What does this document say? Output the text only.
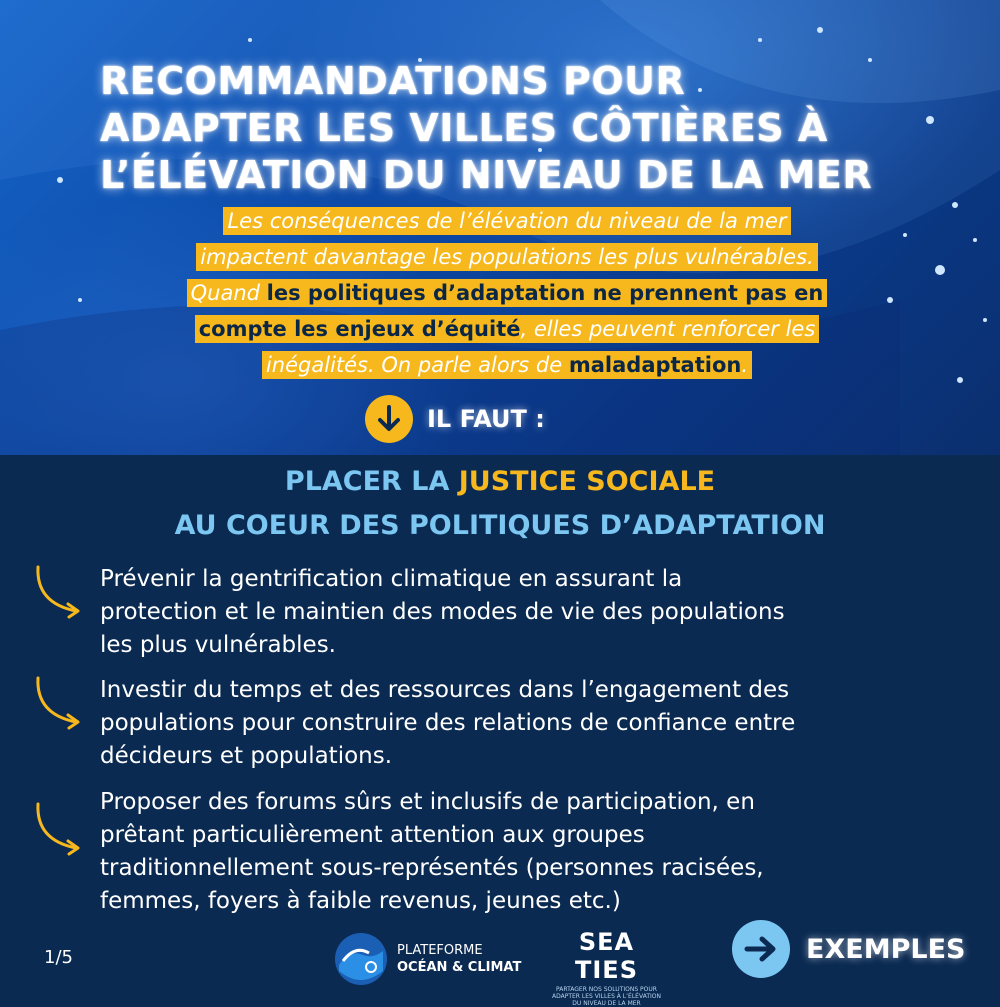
RECOMMANDATIONS POUR
ADAPTER LES VILLES CÔTIÈRES À
L’ÉLÉVATION DU NIVEAU DE LA MER
Les conséquences de l’élévation du niveau de la mer
impactent davantage les populations les plus vulnérables.
Quand les politiques d’adaptation ne prennent pas en
compte les enjeux d’équité, elles peuvent renforcer les
inégalités. On parle alors de maladaptation.
IL FAUT :
PLACER LA JUSTICE SOCIALE
AU COEUR DES POLITIQUES D’ADAPTATION
Prévenir la gentrification climatique en assurant la
protection et le maintien des modes de vie des populations
les plus vulnérables.
Investir du temps et des ressources dans l’engagement des
populations pour construire des relations de confiance entre
décideurs et populations.
Proposer des forums sûrs et inclusifs de participation, en
prêtant particulièrement attention aux groupes
traditionnellement sous-représentés (personnes racisées,
femmes, foyers à faible revenus, jeunes etc.)
1/5	PLATEFORME
OCÉAN & CLIMAT
SEA TIES
PARTAGER NOS SOLUTIONS POUR ADAPTER LES VILLES À L’ÉLÉVATION DU NIVEAU DE LA MER
EXEMPLES
